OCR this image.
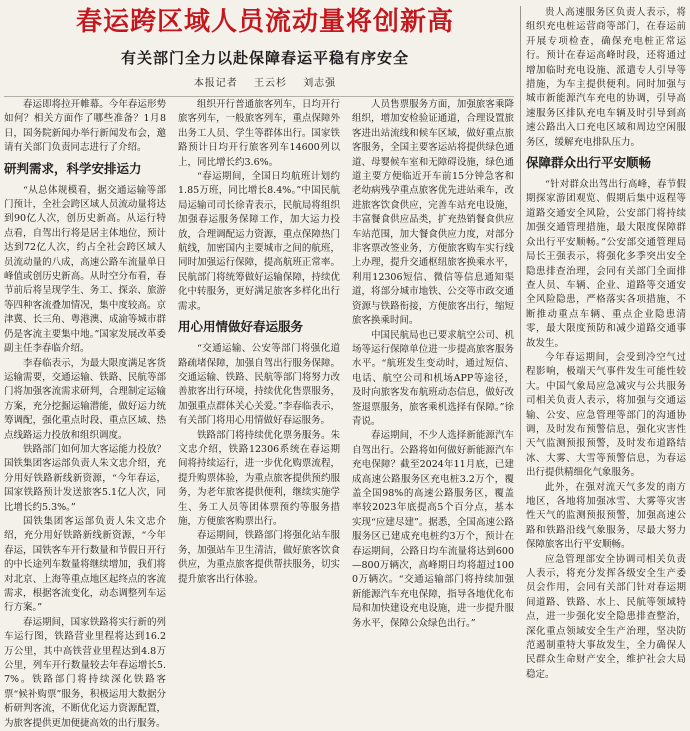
春运跨区域人员流动量将创新高
有关部门全力以赴保障春运平稳有序安全
本报记者 王云杉 刘志强

春运即将拉开帷幕。今年春运形势如何？相关方面作了哪些准备？1月8日，国务院新闻办举行新闻发布会，邀请有关部门负责同志进行了介绍。

研判需求，科学安排运力

“从总体规模看，据交通运输等部门预计，全社会跨区域人员流动量将达到90亿人次，创历史新高。从运行特点看，自驾出行将是居主体地位，预计达到72亿人次，约占全社会跨区域人员流动量的八成，高速公路车流量单日峰值或创历史新高。从时空分布看，春节前后将呈现学生、务工、探亲、旅游等四种客流叠加情况，集中度较高。京津冀、长三角、粤港澳、成渝等城市群仍是客流主要集中地。”国家发展改革委副主任李春临介绍。

李春临表示，为最大限度满足客货运输需要，交通运输、铁路、民航等部门将加强客流需求研判，合理制定运输方案，充分挖掘运输潜能，做好运力统筹调配，强化重点时段、重点区域、热点线路运力投放和组织调度。

铁路部门如何加大客运能力投放？国铁集团客运部负责人朱文忠介绍，充分用好铁路新线新资源，“今年春运，国家铁路预计发送旅客5.1亿人次，同比增长约5.3%。”

国铁集团客运部负责人朱文忠介绍，充分用好铁路新线新资源，“今年春运，国铁客车开行数量和节假日开行的中长途列车数量将继续增加，我们将对北京、上海等重点地区起终点的客流需求，根据客流变化，动态调整列车运行方案。”

春运期间，国家铁路将实行新的列车运行图，铁路营业里程将达到16.2万公里，其中高铁营业里程达到4.8万公里，列车开行数量较去年春运增长5.7%。铁路部门将持续深化铁路客票“候补购票”服务，积极运用大数据分析研判客流，不断优化运力资源配置，为旅客提供更加便捷高效的出行服务。

组织开行普通旅客列车，日均开行旅客列车，一般旅客列车，重点保障外出务工人员、学生等群体出行。国家铁路预计日均开行旅客列车14600列以上，同比增长约3.6%。

“春运期间，全国日均航班计划约1.85万班，同比增长8.4%。”中国民航局运输司司长徐青表示，民航局将组织加强春运服务保障工作，加大运力投放，合理调配运力资源，重点保障热门航线，加密国内主要城市之间的航班，同时加强运行保障，提高航班正常率。民航部门将统筹做好运输保障，持续优化中转服务，更好满足旅客多样化出行需求。

用心用情做好春运服务

“交通运输、公安等部门将强化道路疏堵保障，加强自驾出行服务保障。交通运输、铁路、民航等部门将努力改善旅客出行环境，持续优化售票服务，加强重点群体关心关爱。”李春临表示，有关部门将用心用情做好春运服务。

铁路部门将持续优化票务服务。朱文忠介绍，铁路12306系统在春运期间将持续运行，进一步优化购票流程，提升购票体验，为重点旅客提供预约服务，为老年旅客提供便利，继续实施学生、务工人员等团体票预约等服务措施，方便旅客购票出行。

春运期间，铁路部门将强化站车服务，加强站车卫生清洁，做好旅客饮食供应，为重点旅客提供帮扶服务，切实提升旅客出行体验。

人员售票服务方面，加强旅客乘降组织，增加安检验证通道，合理设置旅客进出站流线和候车区域，做好重点旅客服务，全国主要客运站将提供绿色通道、母婴候车室和无障碍设施，绿色通道主要方便临近开车前15分钟急客和老幼病残孕重点旅客优先进站乘车，改进旅客饮食供应，完善车站充电设施，丰富餐食供应品类，扩充热销餐食供应车站范围，加大餐食供应力度，对部分非客票改签业务，方便旅客购车实行线上办理，提升交通枢纽旅客换乘水平，利用12306短信、微信等信息通知渠道，将部分城市地铁、公交等市政交通资源与铁路衔接，方便旅客出行，缩短旅客换乘时间。

中国民航局也已要求航空公司、机场等运行保障单位进一步提高旅客服务水平。“航班发生变动时，通过短信、电话、航空公司和机场APP等途径，及时向旅客发布航班动态信息，做好改签退票服务，旅客乘机选择有保障。”徐青说。

春运期间，不少人选择新能源汽车自驾出行。公路将如何做好新能源汽车充电保障？截至2024年11月底，已建成高速公路服务区充电桩3.2万个，覆盖全国98%的高速公路服务区，覆盖率较2023年底提高5个百分点，基本实现“应建尽建”。据悉，全国高速公路服务区已建成充电桩约3万个，预计在春运期间，公路日均车流量将达到600—800万辆次，高峰期日均将超过1000万辆次。“交通运输部门将持续加强新能源汽车充电保障，指导各地优化布局和加快建设充电设施，进一步提升服务水平，保障公众绿色出行。”

贵人高速服务区负责人表示，将组织充电桩运营商等部门，在春运前开展专项检查，确保充电桩正常运行。预计在春运高峰时段，还将通过增加临时充电设施、派遣专人引导等措施，为车主提供便利。同时加强与城市新能源汽车充电的协调，引导高速服务区排队充电车辆及时引导到高速公路出入口充电区域和周边空闲服务区，缓解充电排队压力。

保障群众出行平安顺畅

“针对群众出驾出行高峰，春节假期探家游团观览、假期后集中返程等道路交通安全风险，公安部门将持续加强交通管理措施，最大限度保障群众出行平安顺畅。”公安部交通管理局局长王强表示，将强化多季突出安全隐患排查治理，会同有关部门全面排查人员、车辆、企业、道路等交通安全风险隐患，严格落实各项措施，不断推动重点车辆、重点企业隐患清零，最大限度预防和减少道路交通事故发生。

今年春运期间，会受到冷空气过程影响，极端天气事件发生可能性较大。中国气象局应急减灾与公共服务司相关负责人表示，将加强与交通运输、公安、应急管理等部门的沟通协调，及时发布预警信息，强化灾害性天气监测预报预警，及时发布道路结冰、大雾、大雪等预警信息，为春运出行提供精细化气象服务。

此外，在强对流天气多发的南方地区，各地将加强冰雪、大雾等灾害性天气的监测预报预警，加强高速公路和铁路沿线气象服务，尽最大努力保障旅客出行平安顺畅。

应急管理部安全协调司相关负责人表示，将充分发挥各级安全生产委员会作用，会同有关部门针对春运期间道路、铁路、水上、民航等领域特点，进一步强化安全隐患排查整治，深化重点领域安全生产治理，坚决防范遏制重特大事故发生，全力确保人民群众生命财产安全，维护社会大局稳定。
